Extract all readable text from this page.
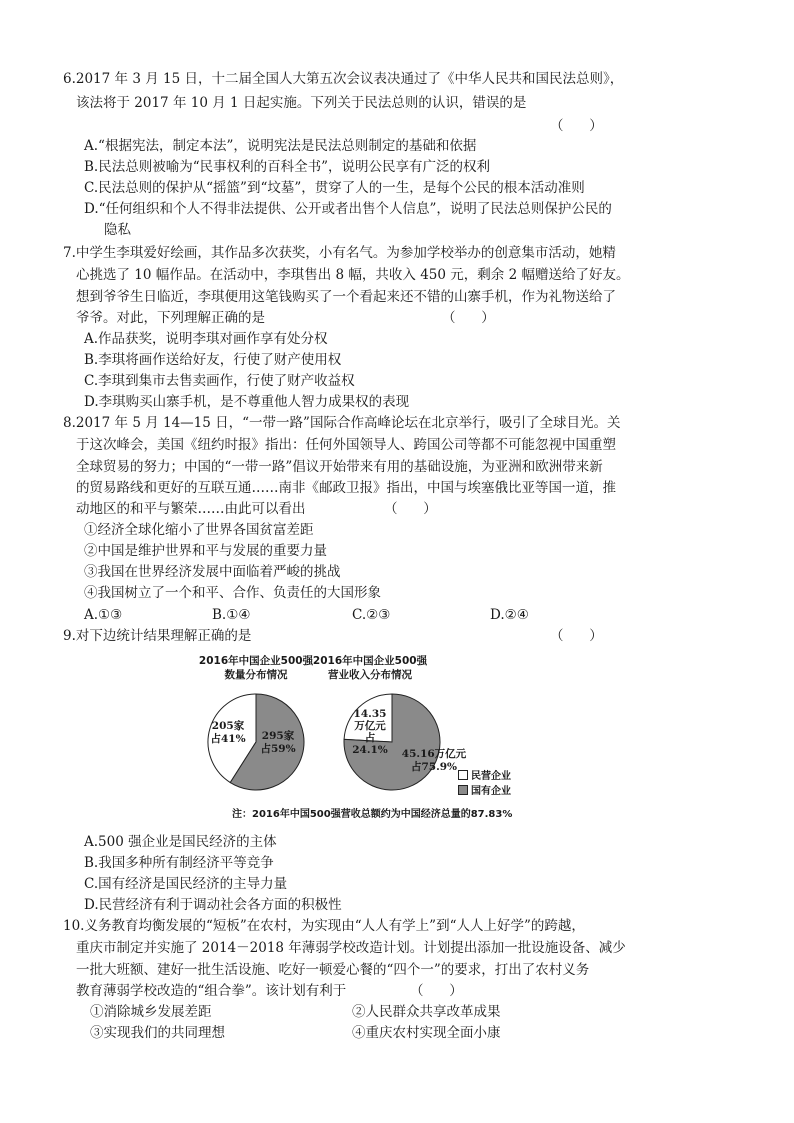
6.2017 年 3 月 15 日，十二届全国人大第五次会议表决通过了《中华人民共和国民法总则》，
该法将于 2017 年 10 月 1 日起实施。下列关于民法总则的认识，错误的是
（      ）
A.“根据宪法，制定本法”，说明宪法是民法总则制定的基础和依据
B.民法总则被喻为“民事权利的百科全书”，说明公民享有广泛的权利
C.民法总则的保护从“摇篮”到“坟墓”，贯穿了人的一生，是每个公民的根本活动准则
D.“任何组织和个人不得非法提供、公开或者出售个人信息”，说明了民法总则保护公民的
隐私
7.中学生李琪爱好绘画，其作品多次获奖，小有名气。为参加学校举办的创意集市活动，她精
心挑选了 10 幅作品。在活动中，李琪售出 8 幅，共收入 450 元，剩余 2 幅赠送给了好友。
想到爷爷生日临近，李琪便用这笔钱购买了一个看起来还不错的山寨手机，作为礼物送给了
爷爷。对此，下列理解正确的是	（      ）
A.作品获奖，说明李琪对画作享有处分权
B.李琪将画作送给好友，行使了财产使用权
C.李琪到集市去售卖画作，行使了财产收益权
D.李琪购买山寨手机，是不尊重他人智力成果权的表现
8.2017 年 5 月 14—15 日，“一带一路”国际合作高峰论坛在北京举行，吸引了全球目光。关
于这次峰会，美国《纽约时报》指出：任何外国领导人、跨国公司等都不可能忽视中国重塑
全球贸易的努力；中国的“一带一路”倡议开始带来有用的基础设施，为亚洲和欧洲带来新
的贸易路线和更好的互联互通……南非《邮政卫报》指出，中国与埃塞俄比亚等国一道，推
动地区的和平与繁荣……由此可以看出	（      ）
①经济全球化缩小了世界各国贫富差距
②中国是维护世界和平与发展的重要力量
③我国在世界经济发展中面临着严峻的挑战
④我国树立了一个和平、合作、负责任的大国形象
A.①③	B.①④	C.②③	D.②④
9.对下边统计结果理解正确的是	（      ）
2016年中国企业500强
数量分布情况
2016年中国企业500强
营业收入分布情况
205家
占41%	295家
占59%
14.35
万亿元
占24.1%	45.16万亿元
占75.9%
民营企业
国有企业
注：2016年中国500强营收总额约为中国经济总量的87.83%
A.500 强企业是国民经济的主体
B.我国多种所有制经济平等竞争
C.国有经济是国民经济的主导力量
D.民营经济有利于调动社会各方面的积极性
10.义务教育均衡发展的“短板”在农村，为实现由“人人有学上”到“人人上好学”的跨越，
重庆市制定并实施了 2014－2018 年薄弱学校改造计划。计划提出添加一批设施设备、减少
一批大班额、建好一批生活设施、吃好一顿爱心餐的“四个一”的要求，打出了农村义务
教育薄弱学校改造的“组合拳”。该计划有利于	（      ）
①消除城乡发展差距	②人民群众共享改革成果
③实现我们的共同理想	④重庆农村实现全面小康
